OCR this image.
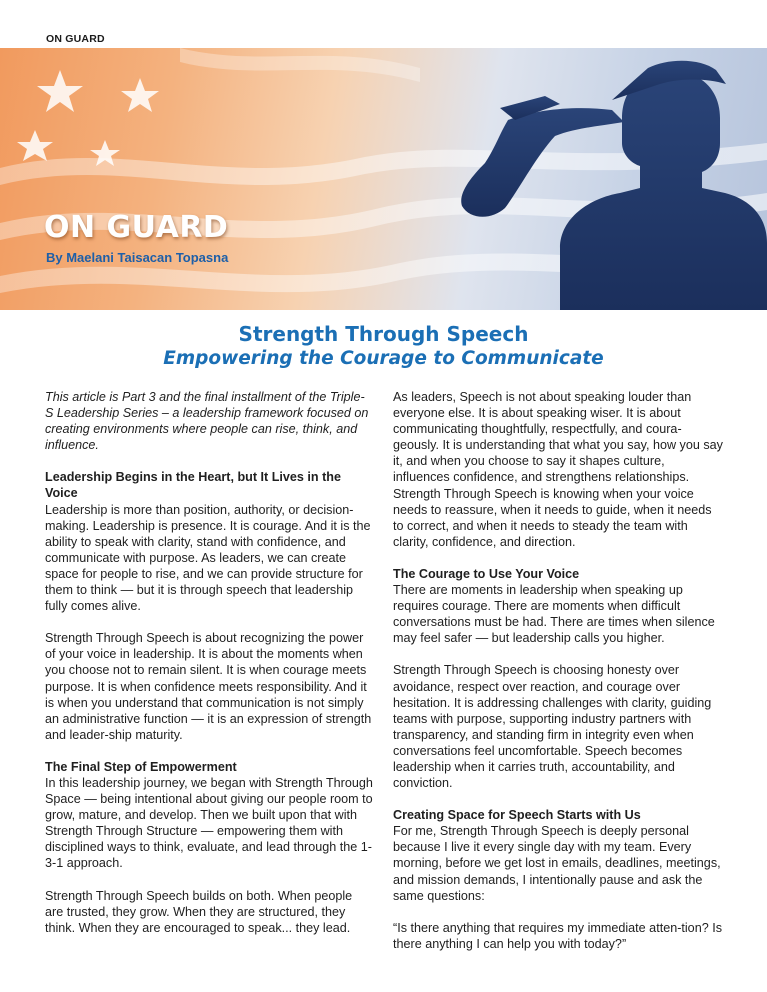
ON GUARD
ON GUARD
By Maelani Taisacan Topasna
Strength Through Speech
Empowering the Courage to Communicate

This article is Part 3 and the final installment of the Triple-S Leadership Series – a leadership framework focused on creating environments where people can rise, think, and influence.

Leadership Begins in the Heart, but It Lives in the Voice

Leadership is more than position, authority, or decision-making. Leadership is presence. It is courage. And it is the ability to speak with clarity, stand with confidence, and communicate with purpose. As leaders, we can create space for people to rise, and we can provide structure for them to think — but it is through speech that leadership fully comes alive.

Strength Through Speech is about recognizing the power of your voice in leadership. It is about the moments when you choose not to remain silent. It is when courage meets purpose. It is when confidence meets responsibility. And it is when you understand that communication is not simply an administrative function — it is an expression of strength and leader-ship maturity.

The Final Step of Empowerment

In this leadership journey, we began with Strength Through Space — being intentional about giving our people room to grow, mature, and develop. Then we built upon that with Strength Through Structure — empowering them with disciplined ways to think, evaluate, and lead through the 1-3-1 approach.

Strength Through Speech builds on both. When people are trusted, they grow. When they are structured, they think. When they are encouraged to speak... they lead.

As leaders, Speech is not about speaking louder than everyone else. It is about speaking wiser. It is about communicating thoughtfully, respectfully, and coura-geously. It is understanding that what you say, how you say it, and when you choose to say it shapes culture, influences confidence, and strengthens relationships. Strength Through Speech is knowing when your voice needs to reassure, when it needs to guide, when it needs to correct, and when it needs to steady the team with clarity, confidence, and direction.

The Courage to Use Your Voice

There are moments in leadership when speaking up requires courage. There are moments when difficult conversations must be had. There are times when silence may feel safer — but leadership calls you higher.

Strength Through Speech is choosing honesty over avoidance, respect over reaction, and courage over hesitation. It is addressing challenges with clarity, guiding teams with purpose, supporting industry partners with transparency, and standing firm in integrity even when conversations feel uncomfortable. Speech becomes leadership when it carries truth, accountability, and conviction.

Creating Space for Speech Starts with Us

For me, Strength Through Speech is deeply personal because I live it every single day with my team. Every morning, before we get lost in emails, deadlines, meetings, and mission demands, I intentionally pause and ask the same questions:

“Is there anything that requires my immediate atten-tion? Is there anything I can help you with today?”
